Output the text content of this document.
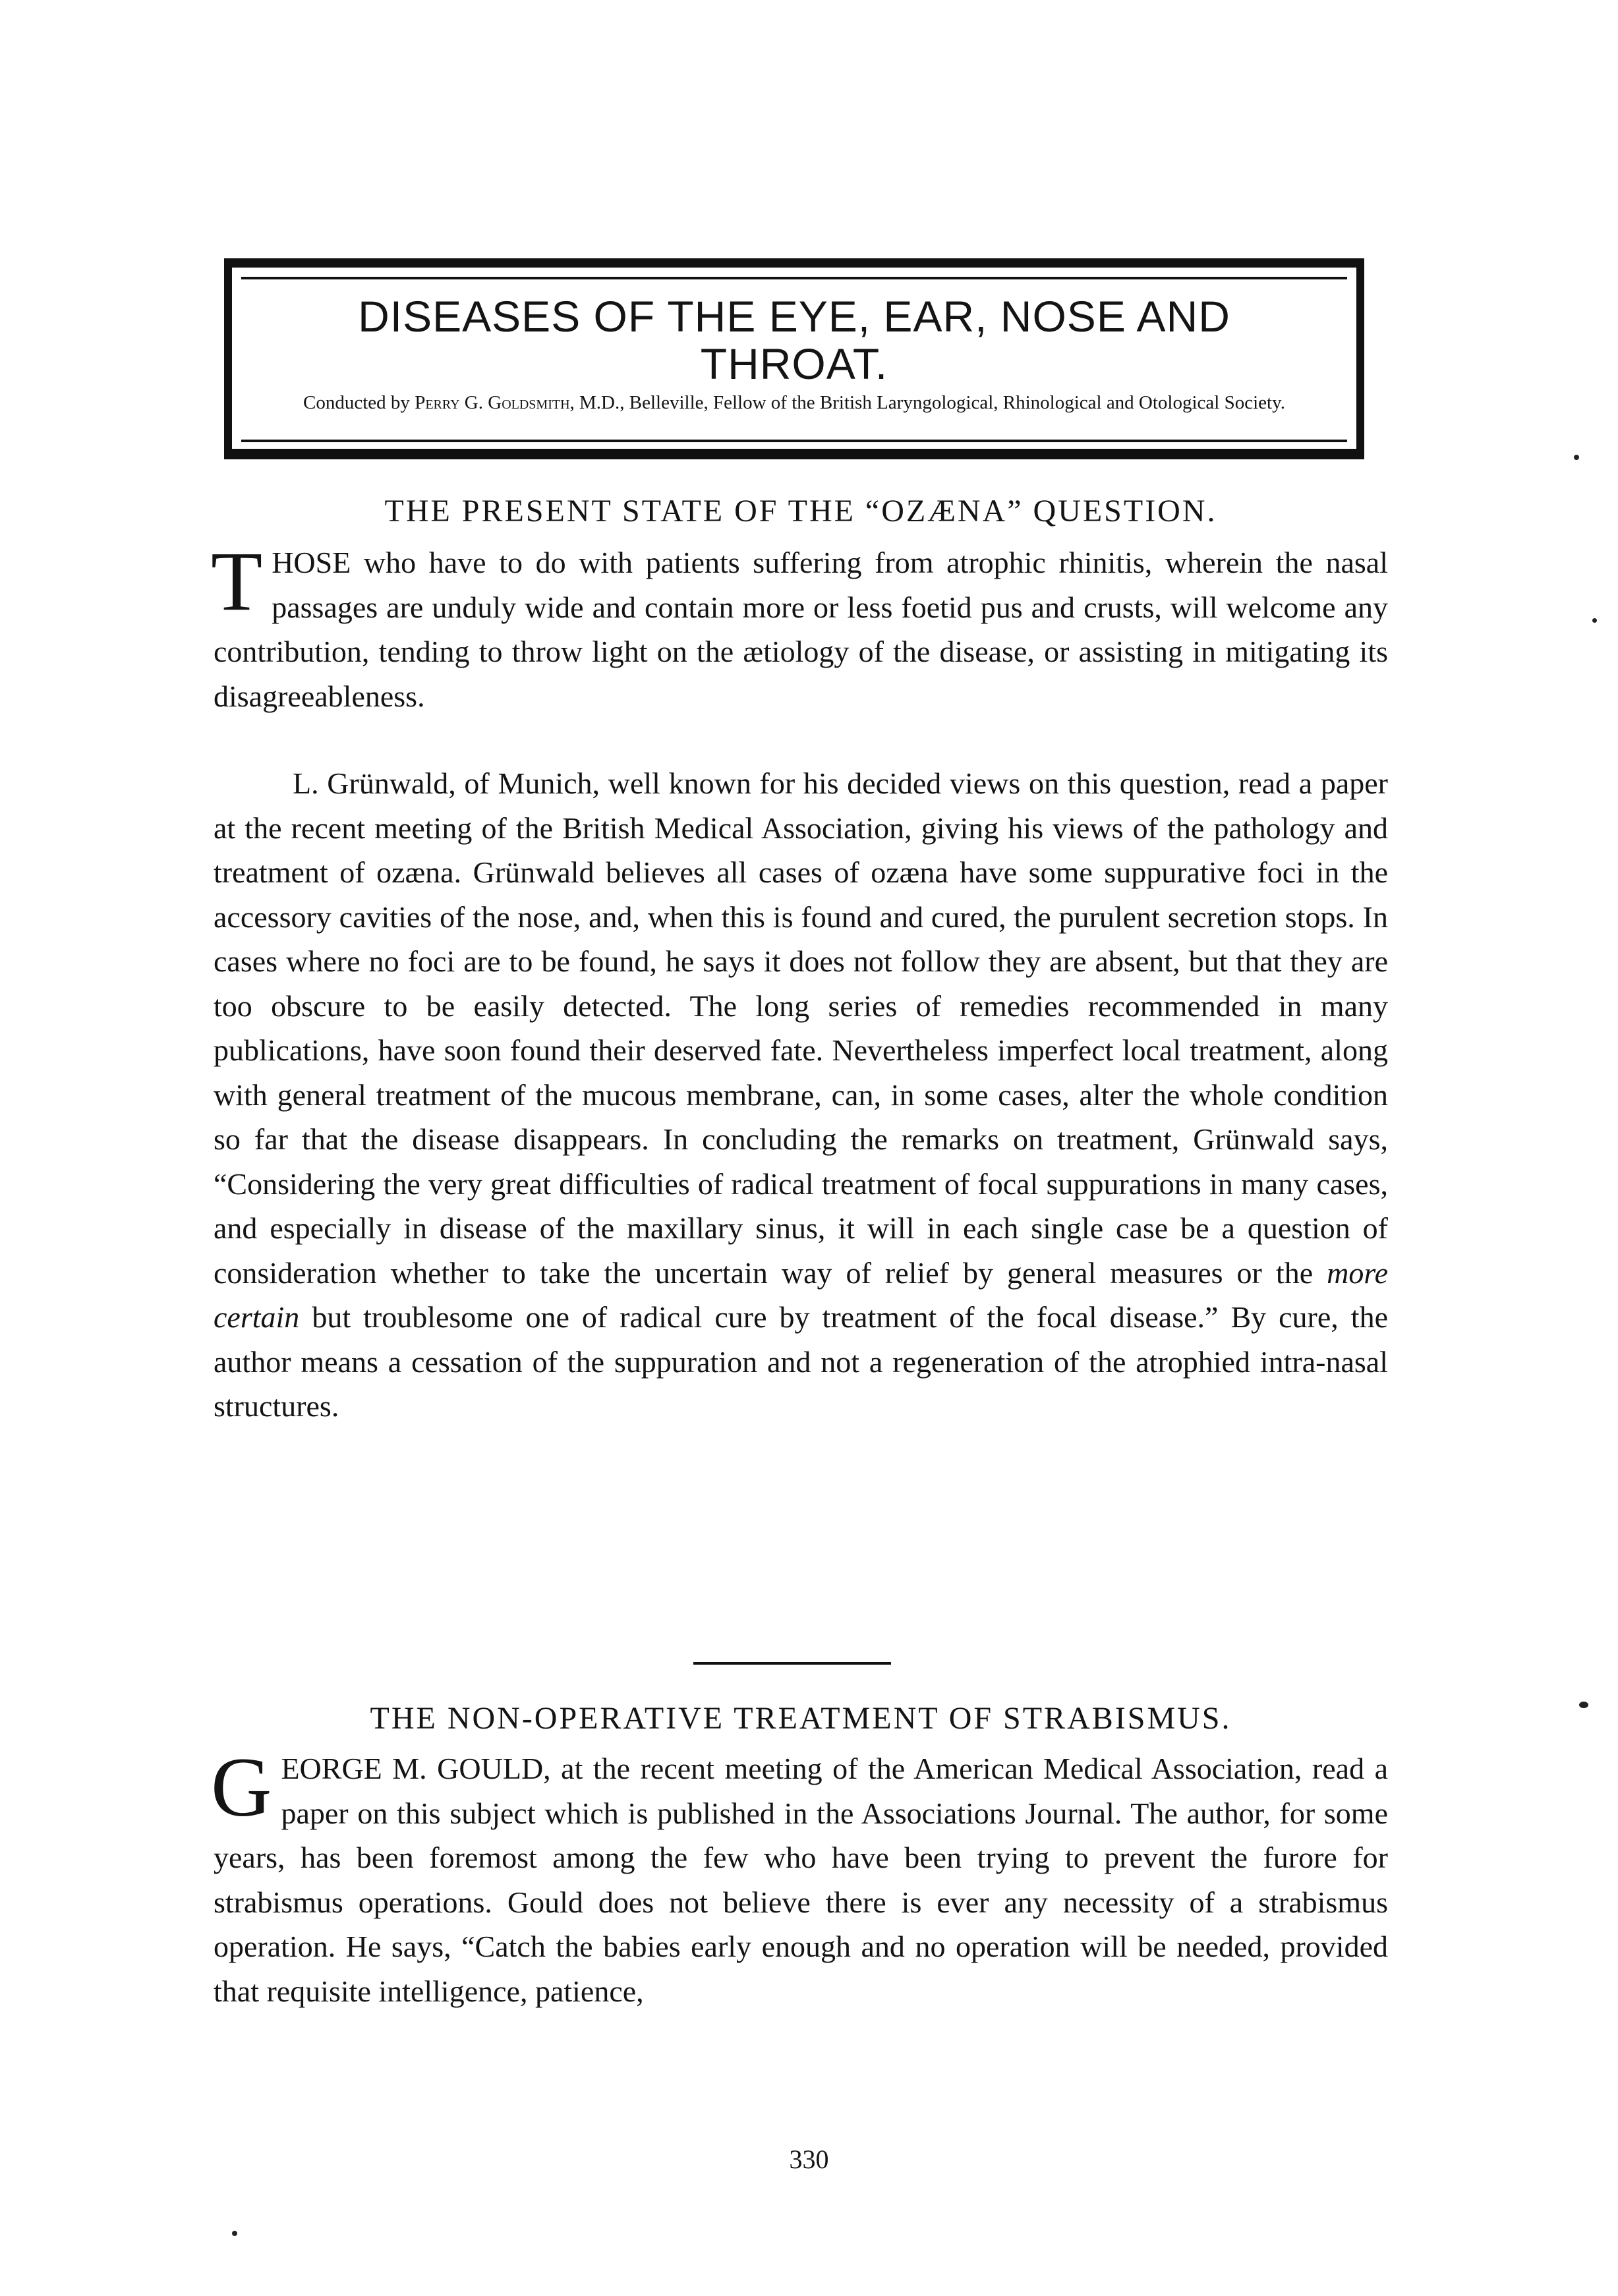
DISEASES OF THE EYE, EAR, NOSE AND THROAT.
Conducted by Perry G. Goldsmith, M.D., Belleville, Fellow of the British Laryngological, Rhinological and Otological Society.
THE PRESENT STATE OF THE “OZÆNA” QUESTION.
THOSE who have to do with patients suffering from atrophic rhinitis, wherein the nasal passages are unduly wide and contain more or less foetid pus and crusts, will welcome any contribution, tending to throw light on the ætiology of the disease, or assisting in mitigating its disagreeableness.
L. Grünwald, of Munich, well known for his decided views on this question, read a paper at the recent meeting of the British Medical Association, giving his views of the pathology and treatment of ozæna. Grünwald believes all cases of ozæna have some suppurative foci in the accessory cavities of the nose, and, when this is found and cured, the purulent secretion stops. In cases where no foci are to be found, he says it does not follow they are absent, but that they are too obscure to be easily detected. The long series of remedies recommended in many publications, have soon found their deserved fate. Nevertheless imperfect local treatment, along with general treatment of the mucous membrane, can, in some cases, alter the whole condition so far that the disease disappears. In concluding the remarks on treatment, Grünwald says, “Considering the very great difficulties of radical treatment of focal suppurations in many cases, and especially in disease of the maxillary sinus, it will in each single case be a question of consideration whether to take the uncertain way of relief by general measures or the more certain but troublesome one of radical cure by treatment of the focal disease.” By cure, the author means a cessation of the suppuration and not a regeneration of the atrophied intra-nasal structures.
THE NON-OPERATIVE TREATMENT OF STRABISMUS.
GEORGE M. GOULD, at the recent meeting of the American Medical Association, read a paper on this subject which is published in the Associations Journal. The author, for some years, has been foremost among the few who have been trying to prevent the furore for strabismus operations. Gould does not believe there is ever any necessity of a strabismus operation. He says, “Catch the babies early enough and no operation will be needed, provided that requisite intelligence, patience,
330
